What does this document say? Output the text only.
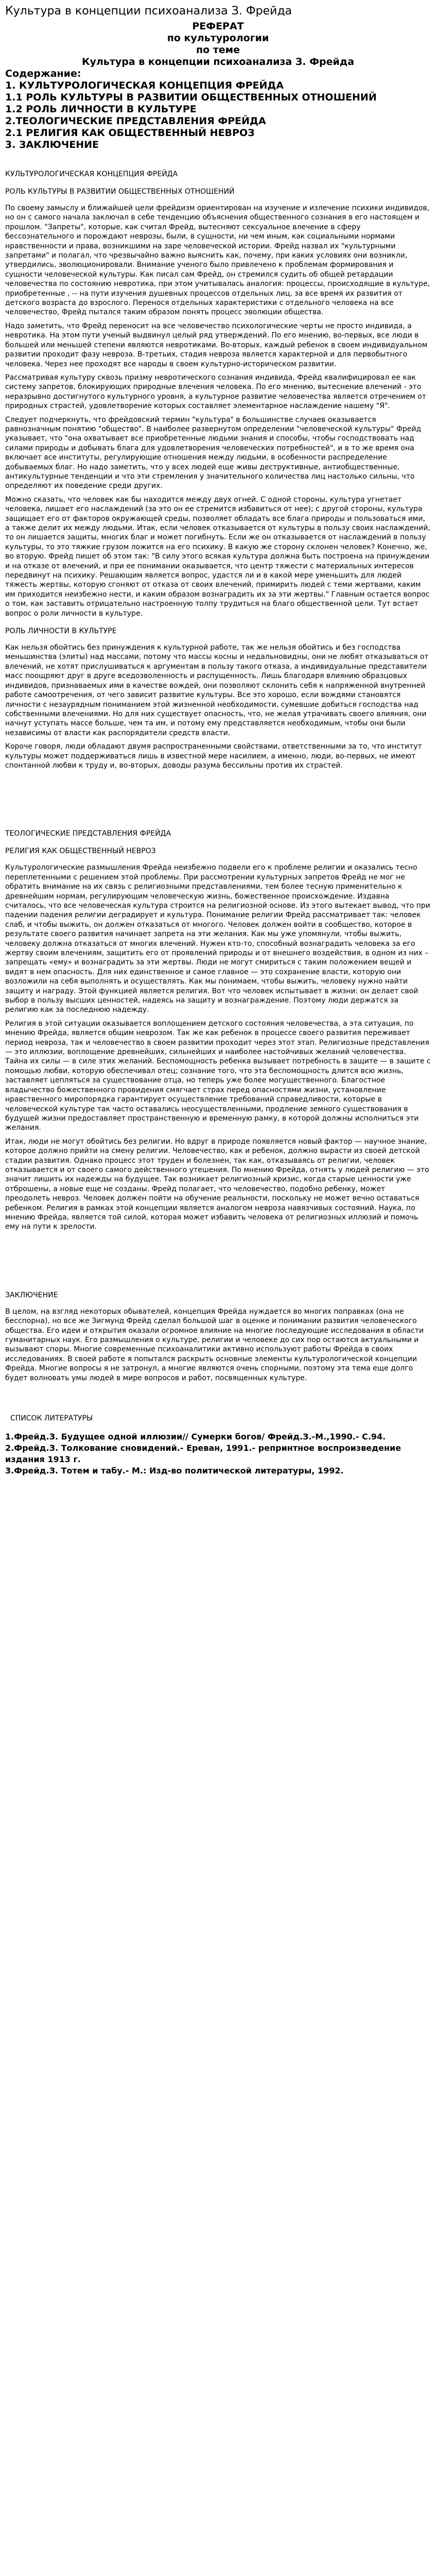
Культура в концепции психоанализа З. Фрейда
РЕФЕРАТ
по культурологии
по теме
Культура в концепции психоанализа З. Фрейда
Содержание:
1. КУЛЬТУРОЛОГИЧЕСКАЯ КОНЦЕПЦИЯ ФРЕЙДА
1.1 РОЛЬ КУЛЬТУРЫ В РАЗВИТИИ ОБЩЕСТВЕННЫХ ОТНОШЕНИЙ
1.2 РОЛЬ ЛИЧНОСТИ В КУЛЬТУРЕ
2.ТЕОЛОГИЧЕСКИЕ ПРЕДСТАВЛЕНИЯ ФРЕЙДА
2.1 РЕЛИГИЯ КАК ОБЩЕСТВЕННЫЙ НЕВРОЗ
3. ЗАКЛЮЧЕНИЕ
КУЛЬТУРОЛОГИЧЕСКАЯ КОНЦЕПЦИЯ ФРЕЙДА
РОЛЬ КУЛЬТУРЫ В РАЗВИТИИ ОБЩЕСТВЕННЫХ ОТНОШЕНИЙ

По своему замыслу и ближайшей цели фрейдизм ориентирован на изучение и излечение психики индивидов, но он с самого начала заключал в себе тенденцию объяснения общественного сознания в его настоящем и прошлом. "Запреты", которые, как считал Фрейд, вытесняют сексуальное влечение в сферу бессознательного и порождают неврозы, были, в сущности, ни чем иным, как социальными нормами нравственности и права, возникшими на заре человеческой истории. Фрейд назвал их "культурными запретами" и полагал, что чрезвычайно важно выяснить как, почему, при каких условиях они возникли, утвердились, эволюционировали. Внимание ученого было привлечено к проблемам формирования и сущности человеческой культуры. Как писал сам Фрейд, он стремился судить об общей ретардации человечества по состоянию невротика, при этом учитывалась аналогия: процессы, происходящие в культуре, приобретенные , -- на пути изучения душевных процессов отдельных лиц, за все время их развития от детского возраста до взрослого. Перенося отдельных характеристики с отдельного человека на все человечество, Фрейд пытался таким образом понять процесс эволюции общества.

Надо заметить, что Фрейд переносит на все человечество психологические черты не просто индивида, а невротика. На этом пути ученый выдвинул целый ряд утверждений. По его мнению, во-первых, все люди в большей или меньшей степени являются невротиками. Во-вторых, каждый ребенок в своем индивидуальном развитии проходит фазу невроза. В-третьих, стадия невроза является характерной и для первобытного человека. Через нее проходят все народы в своем культурно-историческом развитии.

Рассматривая культуру сквозь призму невротического сознания индивида, Фрейд квалифицировал ее как систему запретов, блокирующих природные влечения человека. По его мнению, вытеснение влечений - это неразрывно достигнутого культурного уровня, а культурное развитие человечества является отречением от природных страстей, удовлетворение которых составляет элементарное наслаждение нашему "Я".

Следует подчеркнуть, что фрейдовский термин "культура" в большинстве случаев оказывается равнозначным понятию "общество". В наиболее развернутом определении "человеческой культуры" Фрейд указывает, что "она охватывает все приобретенные людьми знания и способы, чтобы господствовать над силами природы и добывать блага для удовлетворения человеческих потребностей", и в то же время она включает все институты, регулирующие отношения между людьми, в особенности распределение добываемых благ. Но надо заметить, что у всех людей еще живы деструктивные, антиобщественные, антикультурные тенденции и что эти стремления у значительного количества лиц настолько сильны, что определяют их поведение среди других.

Можно сказать, что человек как бы находится между двух огней. С одной стороны, культура угнетает человека, лишает его наслаждений (за это он ее стремится избавиться от нее); с другой стороны, культура защищает его от факторов окружающей среды, позволяет обладать все блага природы и пользоваться ими, а также делит их между людьми. Итак, если человек отказывается от культуры в пользу своих наслаждений, то он лишается защиты, многих благ и может погибнуть. Если же он отказывается от наслаждений в пользу культуры, то это тяжкие грузом ложится на его психику. В какую же сторону склонен человек? Конечно, же, во вторую. Фрейд пишет об этом так: "В силу этого всякая культура должна быть построена на принуждении и на отказе от влечений, и при ее понимании оказывается, что центр тяжести с материальных интересов передвинут на психику. Решающим является вопрос, удастся ли и в какой мере уменьшить для людей тяжесть жертвы, которую сгоняют от отказа от своих влечений, примирить людей с теми жертвами, каким им приходится неизбежно нести, и каким образом вознаградить их за эти жертвы." Главным остается вопрос о том, как заставить отрицательно настроенную толпу трудиться на благо общественной цели. Тут встает вопрос о роли личности в культуре.

РОЛЬ ЛИЧНОСТИ В КУЛЬТУРЕ

Как нельзя обойтись без принуждения к культурной работе, так же нельзя обойтись и без господства меньшинства (элиты) над массами, потому что массы косны и недальновидны, они не любят отказываться от влечений, не хотят прислушиваться к аргументам в пользу такого отказа, а индивидуальные представители масс поощряют друг в друге вседозволенность и распущенность. Лишь благодаря влиянию образцовых индивидов, признаваемых ими в качестве вождей, они позволяют склонить себя к напряженной внутренней работе самоотречения, от чего зависит развитие культуры. Все это хорошо, если вождями становятся личности с незаурядным пониманием этой жизненной необходимости, сумевшие добиться господства над собственными влечениями. Но для них существует опасность, что, не желая утрачивать своего влияния, они начнут уступать массе больше, чем та им, и потому ему представляется необходимым, чтобы они были независимы от власти как распорядители средств власти.

Короче говоря, люди обладают двумя распространенными свойствами, ответственными за то, что институт культуры может поддерживаться лишь в известной мере насилием, а именно, люди, во-первых, не имеют спонтанной любви к труду и, во-вторых, доводы разума бессильны против их страстей.

ТЕОЛОГИЧЕСКИЕ ПРЕДСТАВЛЕНИЯ ФРЕЙДА
РЕЛИГИЯ КАК ОБЩЕСТВЕННЫЙ НЕВРОЗ

Культурологические размышления Фрейда неизбежно подвели его к проблеме религии и оказались тесно переплетенными с решением этой проблемы. При рассмотрении культурных запретов Фрейд не мог не обратить внимание на их связь с религиозными представлениями, тем более тесную применительно к древнейшим нормам, регулирующим человеческую жизнь, божественное происхождение. Издавна считалось, что все человеческая культура строится на религиозной основе. Из этого вытекает вывод, что при падении падения религии деградирует и культура. Понимание религии Фрейд рассматривает так: человек слаб, и чтобы выжить, он должен отказаться от многого. Человек должен войти в сообщество, которое в результате своего развития начинает запрета на эти желания. Как мы уже упомянули, чтобы выжить, человеку должна отказаться от многих влечений. Нужен кто-то, способный вознаградить человека за его жертву своим влечениям, защитить его от проявлений природы и от внешнего воздействия, в одном из них – запрещать «ему» и вознаградить за эти жертвы. Люди не могут смириться с таким положением вещей и видят в нем опасность. Для них единственное и самое главное — это сохранение власти, которую они возложили на себя выполнять и осуществлять. Как мы понимаем, чтобы выжить, человеку нужно найти защиту и награду. Этой функцией является религия. Вот что человек испытывает в жизни: он делает свой выбор в пользу высших ценностей, надеясь на защиту и вознаграждение. Поэтому люди держатся за религию как за последнюю надежду.

Религия в этой ситуации оказывается воплощением детского состояния человечества, а эта ситуация, по мнению Фрейда, является общим неврозом. Так же как ребенок в процессе своего развития переживает период невроза, так и человечество в своем развитии проходит через этот этап. Религиозные представления — это иллюзии, воплощение древнейших, сильнейших и наиболее настойчивых желаний человечества. Тайна их силы — в силе этих желаний. Беспомощность ребенка вызывает потребность в защите — в защите с помощью любви, которую обеспечивал отец; сознание того, что эта беспомощность длится всю жизнь, заставляет цепляться за существование отца, но теперь уже более могущественного. Благостное владычество божественного провидения смягчает страх перед опасностями жизни, установление нравственного миропорядка гарантирует осуществление требований справедливости, которые в человеческой культуре так часто оставались неосуществленными, продление земного существования в будущей жизни предоставляет пространственную и временную рамку, в которой должны исполниться эти желания.

Итак, люди не могут обойтись без религии. Но вдруг в природе появляется новый фактор — научное знание, которое должно прийти на смену религии. Человечество, как и ребенок, должно вырасти из своей детской стадии развития. Однако процесс этот труден и болезнен, так как, отказываясь от религии, человек отказывается и от своего самого действенного утешения. По мнению Фрейда, отнять у людей религию — это значит лишить их надежды на будущее. Так возникает религиозный кризис, когда старые ценности уже отброшены, а новые еще не созданы. Фрейд полагает, что человечество, подобно ребенку, может преодолеть невроз. Человек должен пойти на обучение реальности, поскольку не может вечно оставаться ребенком. Религия в рамках этой концепции является аналогом невроза навязчивых состояний. Наука, по мнению Фрейда, является той силой, которая может избавить человека от религиозных иллюзий и помочь ему на пути к зрелости.

ЗАКЛЮЧЕНИЕ

В целом, на взгляд некоторых обывателей, концепция Фрейда нуждается во многих поправках (она не бесспорна), но все же Зигмунд Фрейд сделал большой шаг в оценке и понимании развития человеческого общества. Его идеи и открытия оказали огромное влияние на многие последующие исследования в области гуманитарных наук. Его размышления о культуре, религии и человеке до сих пор остаются актуальными и вызывают споры. Многие современные психоаналитики активно используют работы Фрейда в своих исследованиях. В своей работе я попытался раскрыть основные элементы культурологической концепции Фрейда. Многие вопросы я не затронул, а многие являются очень спорными, поэтому эта тема еще долго будет волновать умы людей в мире вопросов и работ, посвященных культуре.

СПИСОК ЛИТЕРАТУРЫ

1.Фрейд.З. Будущее одной иллюзии// Сумерки богов/ Фрейд.З.-М.,1990.- С.94.

2.Фрейд.З. Толкование сновидений.- Ереван, 1991.- репринтное воспроизведение издания 1913 г.

3.Фрейд.З. Тотем и табу.- М.: Изд-во политической литературы, 1992.
